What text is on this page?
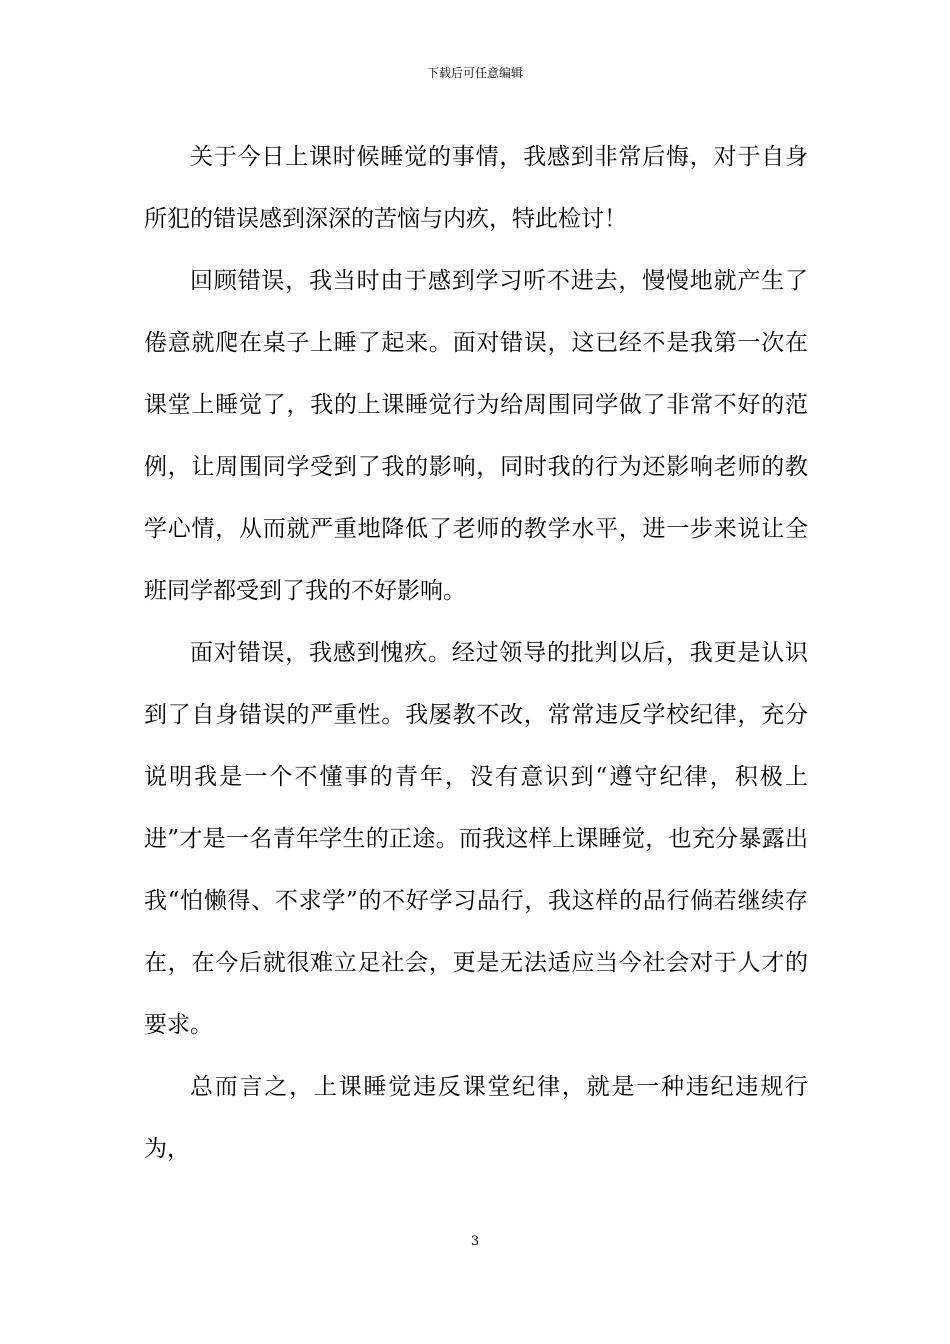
下载后可任意编辑

关于今日上课时候睡觉的事情，我感到非常后悔，对于自身所犯的错误感到深深的苦恼与内疚，特此检讨！

回顾错误，我当时由于感到学习听不进去，慢慢地就产生了倦意就爬在桌子上睡了起来。面对错误，这已经不是我第一次在课堂上睡觉了，我的上课睡觉行为给周围同学做了非常不好的范例，让周围同学受到了我的影响，同时我的行为还影响老师的教学心情，从而就严重地降低了老师的教学水平，进一步来说让全班同学都受到了我的不好影响。

面对错误，我感到愧疚。经过领导的批判以后，我更是认识到了自身错误的严重性。我屡教不改，常常违反学校纪律，充分说明我是一个不懂事的青年，没有意识到“遵守纪律，积极上进”才是一名青年学生的正途。而我这样上课睡觉，也充分暴露出我“怕懒得、不求学”的不好学习品行，我这样的品行倘若继续存在，在今后就很难立足社会，更是无法适应当今社会对于人才的要求。

总而言之，上课睡觉违反课堂纪律，就是一种违纪违规行为，

3
